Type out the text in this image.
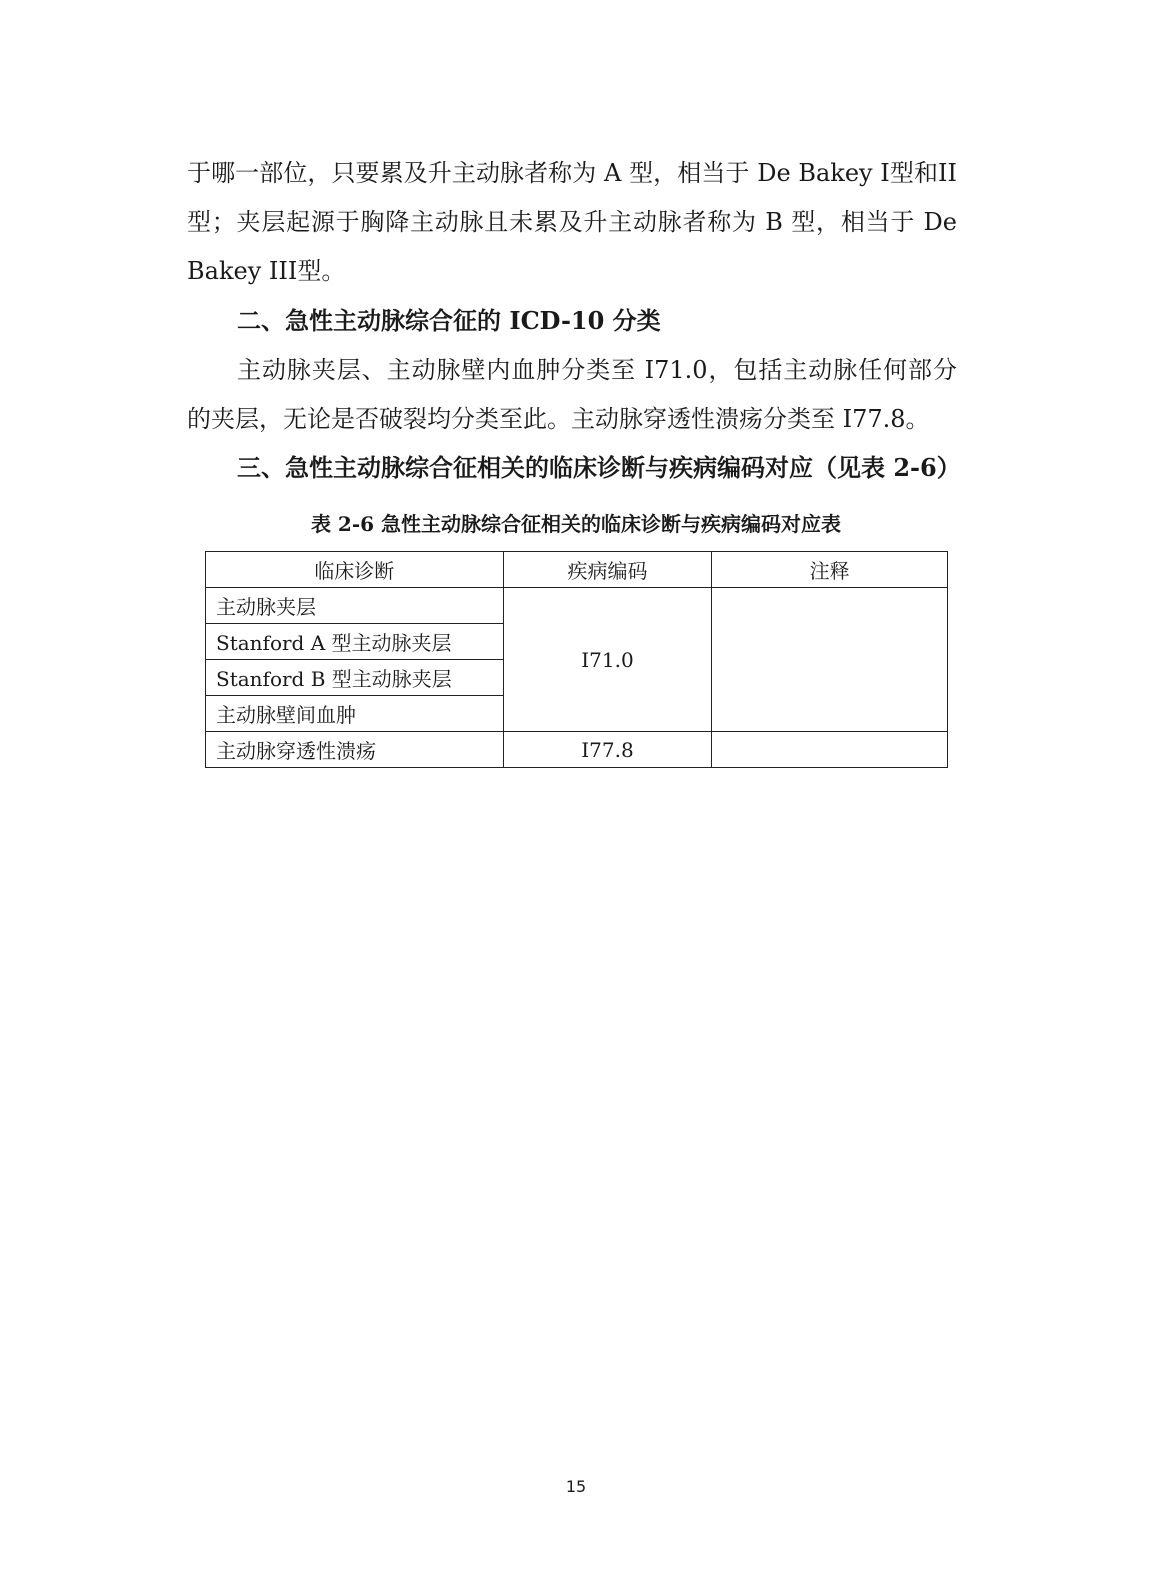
于哪一部位，只要累及升主动脉者称为 A 型，相当于 De Bakey I型和II
型；夹层起源于胸降主动脉且未累及升主动脉者称为 B 型，相当于 De
Bakey III型。
二、急性主动脉综合征的 ICD-10 分类
主动脉夹层、主动脉壁内血肿分类至 I71.0，包括主动脉任何部分
的夹层，无论是否破裂均分类至此。主动脉穿透性溃疡分类至 I77.8。
三、急性主动脉综合征相关的临床诊断与疾病编码对应（见表 2-6）
表 2-6 急性主动脉综合征相关的临床诊断与疾病编码对应表
临床诊断	疾病编码	注释
主动脉夹层	I71.0	
Stanford A 型主动脉夹层		
Stanford B 型主动脉夹层		
主动脉壁间血肿		
主动脉穿透性溃疡	I77.8	
15
